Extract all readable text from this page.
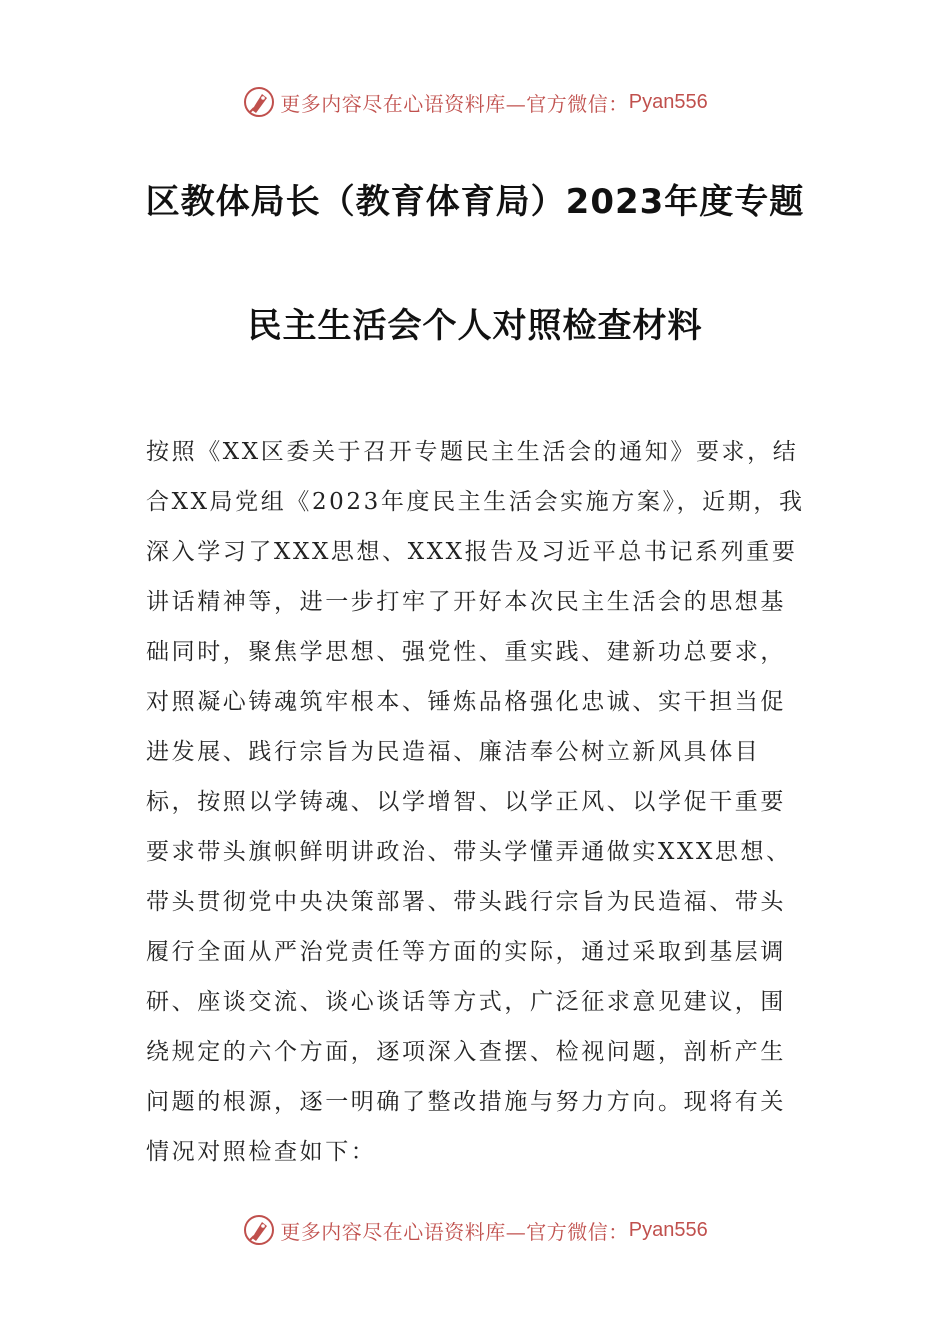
更多内容尽在心语资料库—官方微信： Pyan556
区教体局长（教育体育局）2023年度专题
民主生活会个人对照检查材料
按照《XX区委关于召开专题民主生活会的通知》要求，结合XX局党组《2023年度民主生活会实施方案》，近期，我深入学习了XXX思想、XXX报告及习近平总书记系列重要讲话精神等，进一步打牢了开好本次民主生活会的思想基础同时，聚焦学思想、强党性、重实践、建新功总要求，对照凝心铸魂筑牢根本、锤炼品格强化忠诚、实干担当促进发展、践行宗旨为民造福、廉洁奉公树立新风具体目标，按照以学铸魂、以学增智、以学正风、以学促干重要要求带头旗帜鲜明讲政治、带头学懂弄通做实XXX思想、带头贯彻党中央决策部署、带头践行宗旨为民造福、带头履行全面从严治党责任等方面的实际，通过采取到基层调研、座谈交流、谈心谈话等方式，广泛征求意见建议，围绕规定的六个方面，逐项深入查摆、检视问题，剖析产生问题的根源，逐一明确了整改措施与努力方向。现将有关情况对照检查如下：
更多内容尽在心语资料库—官方微信： Pyan556
